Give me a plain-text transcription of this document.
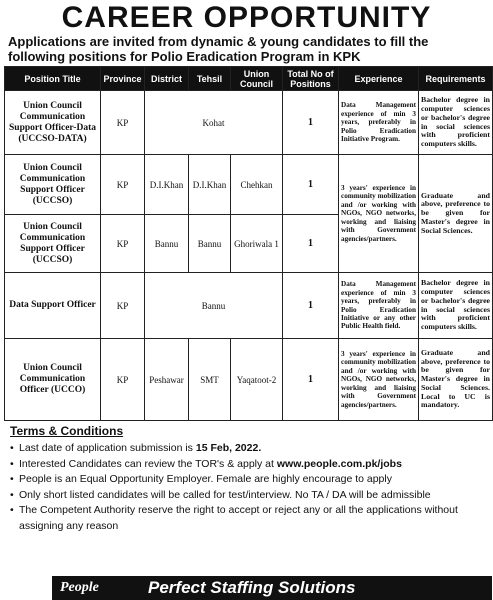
CAREER OPPORTUNITY
Applications are invited from dynamic & young candidates to fill the following positions for Polio Eradication Program in KPK
Position Title	Province	District	Tehsil	Union Council	Total No of Positions	Experience	Requirements
Union Council Communication Support Officer-Data (UCCSO-DATA)	KP	Kohat			1	Data Management experience of min 3 years, preferably in Polio Eradication Initiative Program.	Bachelor degree in computer sciences or bachelor's degree in social sciences with proficient computers skills.
Union Council Communication Support Officer (UCCSO)	KP	D.I.Khan	D.I.Khan	Chehkan	1	3 years' experience in community mobilization and /or working with NGOs, NGO networks, working and liaising with Government agencies/partners.	Graduate and above, preference to be given for Master's degree in Social Sciences.
Union Council Communication Support Officer (UCCSO)	KP	Bannu	Bannu	Ghoriwala 1	1		
Data Support Officer	KP	Bannu			1	Data Management experience of min 3 years, preferably in Polio Eradication Initiative or any other Public Health field.	Bachelor degree in computer sciences or bachelor's degree in social sciences with proficient computers skills.
Union Council Communication Officer (UCCO)	KP	Peshawar	SMT	Yaqatoot-2	1	3 years' experience in community mobilization and /or working with NGOs, NGO networks, working and liaising with Government agencies/partners.	Graduate and above, preference to be given for Master's degree in Social Sciences. Local to UC is mandatory.
Terms & Conditions
• Last date of application submission is 15 Feb, 2022.
• Interested Candidates can review the TOR's & apply at www.people.com.pk/jobs
• People is an Equal Opportunity Employer. Female are highly encourage to apply
• Only short listed candidates will be called for test/interview. No TA / DA will be admissible
• The Competent Authority reserve the right to accept or reject any or all the applications without assigning any reason
People	Perfect Staffing Solutions
